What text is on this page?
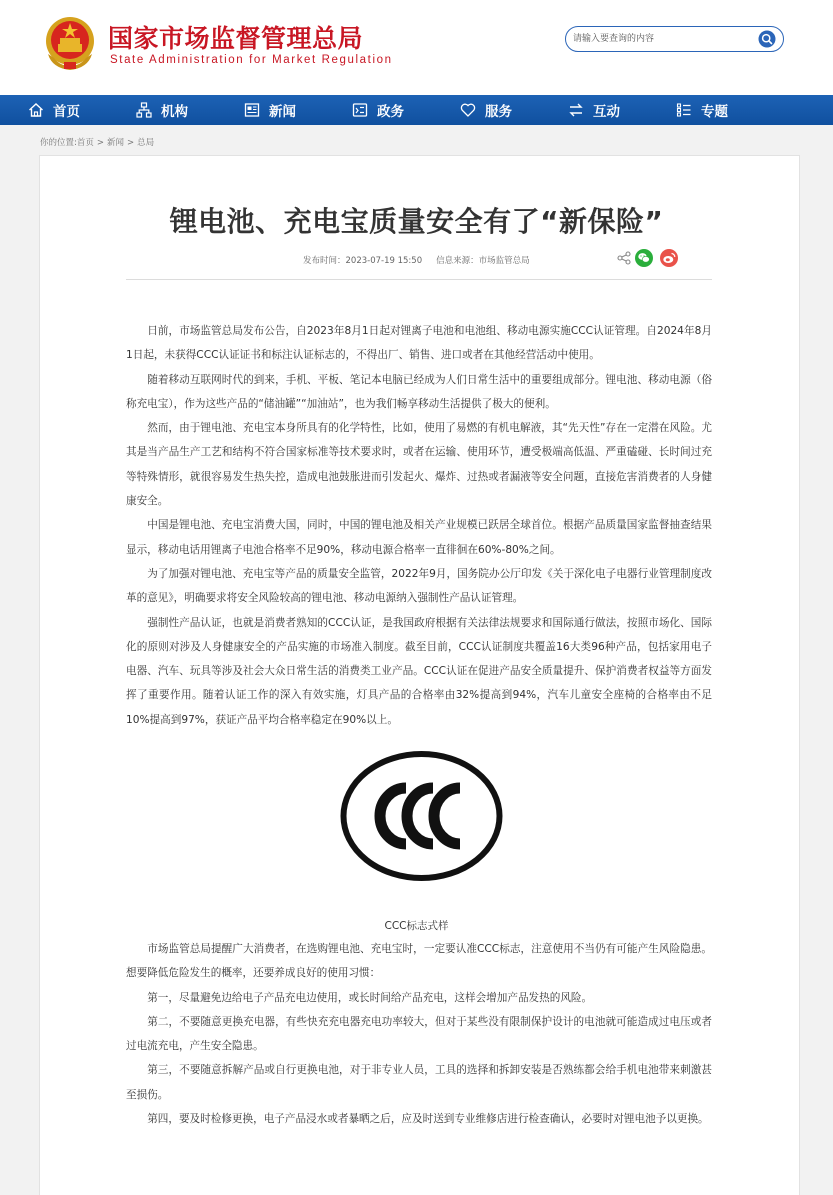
国家市场监督管理总局
State Administration for Market Regulation
请输入要查询的内容
首页	机构	新闻	政务	服务	互动	专题
你的位置:首页 > 新闻 > 总局
锂电池、充电宝质量安全有了“新保险”
发布时间：2023-07-19 15:50 信息来源：市场监管总局

日前，市场监管总局发布公告，自2023年8月1日起对锂离子电池和电池组、移动电源实施CCC认证管理。自2024年8月1日起，未获得CCC认证证书和标注认证标志的，不得出厂、销售、进口或者在其他经营活动中使用。

随着移动互联网时代的到来，手机、平板、笔记本电脑已经成为人们日常生活中的重要组成部分。锂电池、移动电源（俗称充电宝），作为这些产品的“储油罐”“加油站”，也为我们畅享移动生活提供了极大的便利。

然而，由于锂电池、充电宝本身所具有的化学特性，比如，使用了易燃的有机电解液，其“先天性”存在一定潜在风险。尤其是当产品生产工艺和结构不符合国家标准等技术要求时，或者在运输、使用环节，遭受极端高低温、严重磕碰、长时间过充等特殊情形，就很容易发生热失控，造成电池鼓胀进而引发起火、爆炸、过热或者漏液等安全问题，直接危害消费者的人身健康安全。

中国是锂电池、充电宝消费大国，同时，中国的锂电池及相关产业规模已跃居全球首位。根据产品质量国家监督抽查结果显示，移动电话用锂离子电池合格率不足90%，移动电源合格率一直徘徊在60%-80%之间。

为了加强对锂电池、充电宝等产品的质量安全监管，2022年9月，国务院办公厅印发《关于深化电子电器行业管理制度改革的意见》，明确要求将安全风险较高的锂电池、移动电源纳入强制性产品认证管理。

强制性产品认证，也就是消费者熟知的CCC认证，是我国政府根据有关法律法规要求和国际通行做法，按照市场化、国际化的原则对涉及人身健康安全的产品实施的市场准入制度。截至目前，CCC认证制度共覆盖16大类96种产品，包括家用电子电器、汽车、玩具等涉及社会大众日常生活的消费类工业产品。CCC认证在促进产品安全质量提升、保护消费者权益等方面发挥了重要作用。随着认证工作的深入有效实施，灯具产品的合格率由32%提高到94%，汽车儿童安全座椅的合格率由不足10%提高到97%，获证产品平均合格率稳定在90%以上。

CCC标志式样

市场监管总局提醒广大消费者，在选购锂电池、充电宝时，一定要认准CCC标志，注意使用不当仍有可能产生风险隐患。想要降低危险发生的概率，还要养成良好的使用习惯：

第一，尽量避免边给电子产品充电边使用，或长时间给产品充电，这样会增加产品发热的风险。

第二，不要随意更换充电器，有些快充充电器充电功率较大，但对于某些没有限制保护设计的电池就可能造成过电压或者过电流充电，产生安全隐患。

第三，不要随意拆解产品或自行更换电池，对于非专业人员，工具的选择和拆卸安装是否熟练都会给手机电池带来刺激甚至损伤。

第四，要及时检修更换，电子产品浸水或者暴晒之后，应及时送到专业维修店进行检查确认，必要时对锂电池予以更换。
